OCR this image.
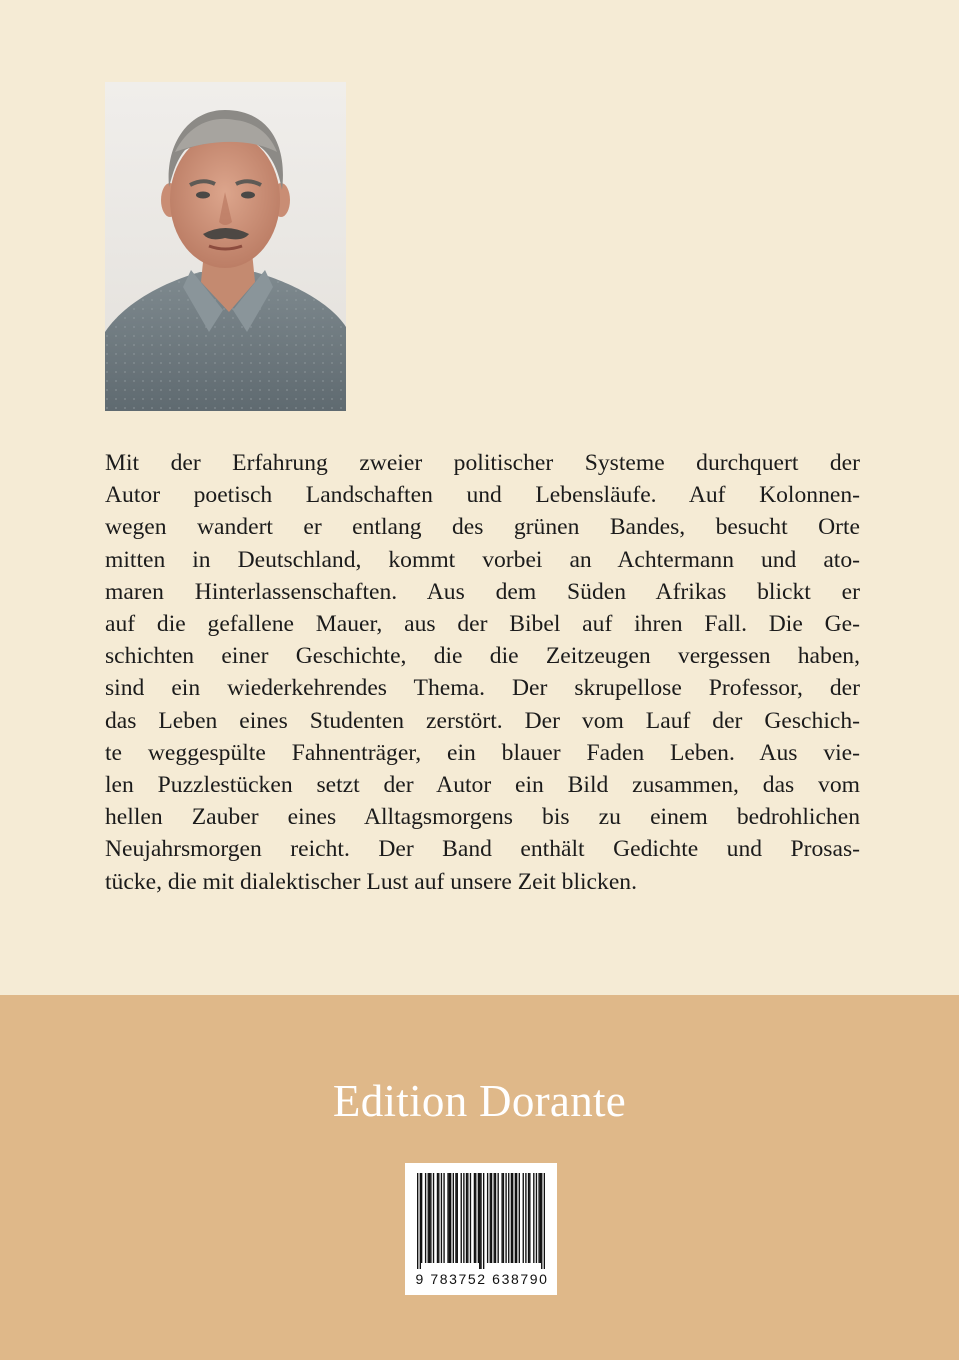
Mit der Erfahrung zweier politischer Systeme durchquert der
Autor poetisch Landschaften und Lebensläufe. Auf Kolonnen-
wegen wandert er entlang des grünen Bandes, besucht Orte
mitten in Deutschland, kommt vorbei an Achtermann und ato-
maren Hinterlassenschaften. Aus dem Süden Afrikas blickt er
auf die gefallene Mauer, aus der Bibel auf ihren Fall. Die Ge-
schichten einer Geschichte, die die Zeitzeugen vergessen haben,
sind ein wiederkehrendes Thema. Der skrupellose Professor, der
das Leben eines Studenten zerstört. Der vom Lauf der Geschich-
te weggespülte Fahnenträger, ein blauer Faden Leben. Aus vie-
len Puzzlestücken setzt der Autor ein Bild zusammen, das vom
hellen Zauber eines Alltagsmorgens bis zu einem bedrohlichen
Neujahrsmorgen reicht. Der Band enthält Gedichte und Prosas-
tücke, die mit dialektischer Lust auf unsere Zeit blicken.

Edition Dorante
9 783752 638790
